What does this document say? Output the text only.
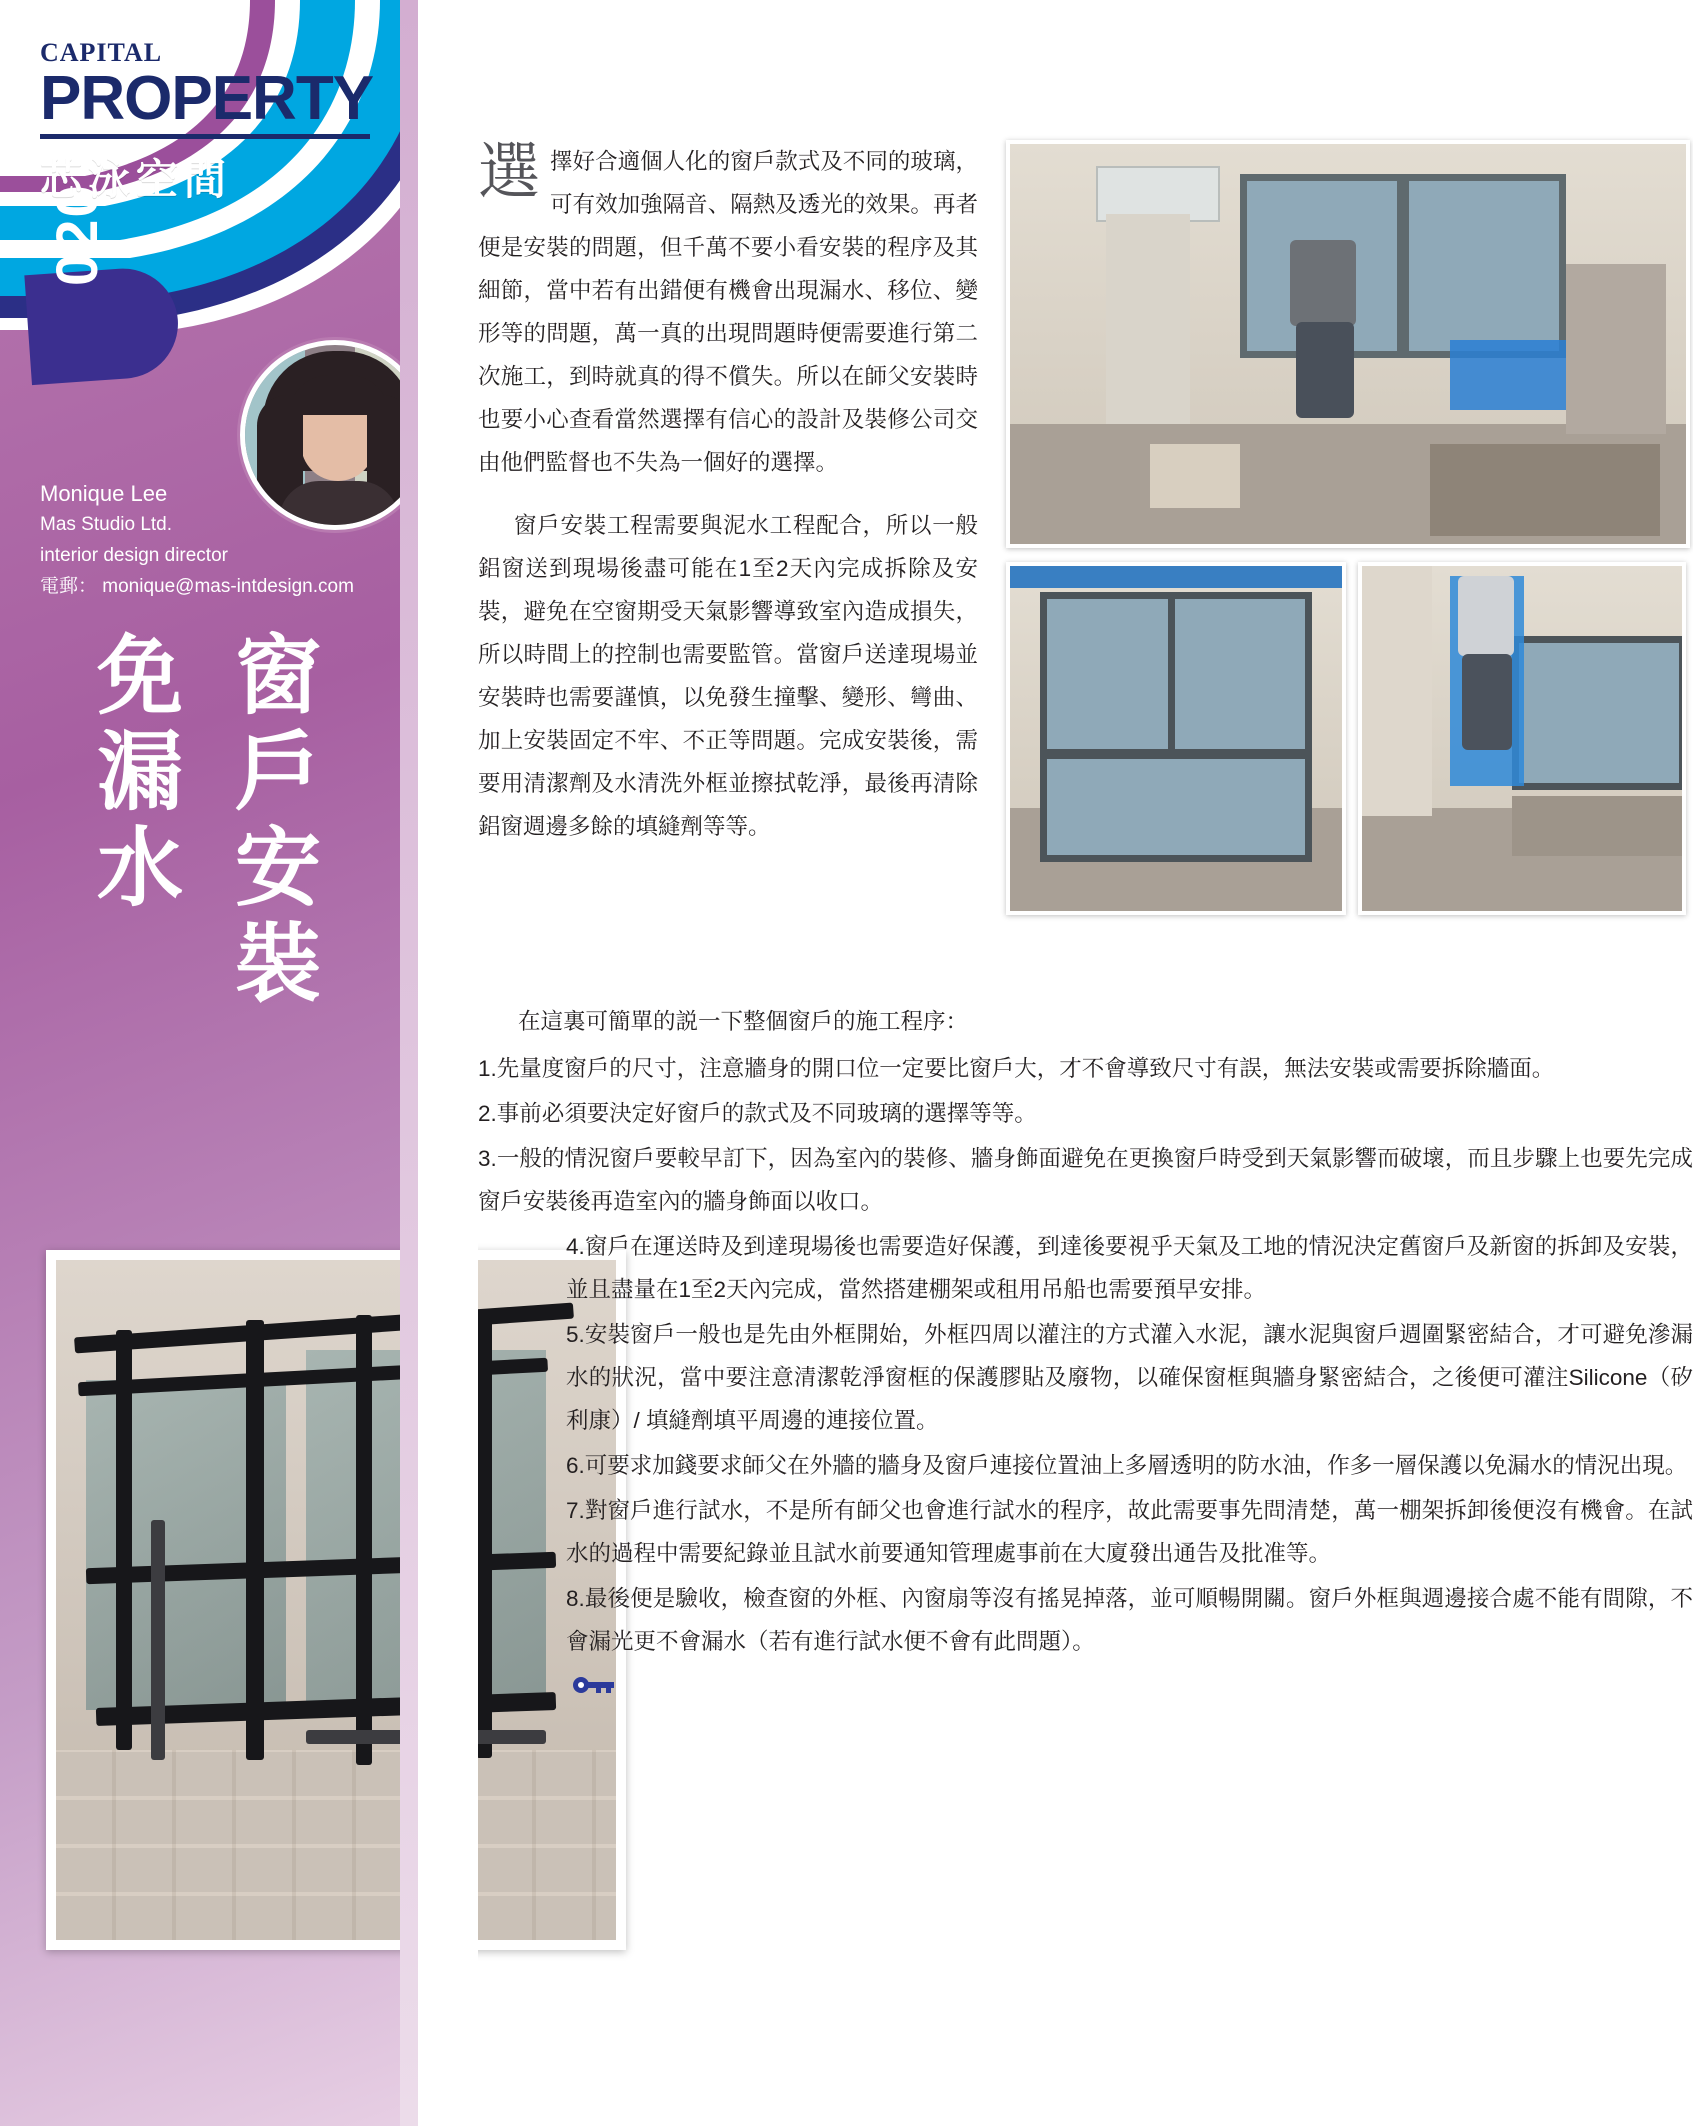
CAPITAL
PROPERTY
芯泳空間
020
Monique Lee
Mas Studio Ltd.
interior design director
電郵： monique@mas-intdesign.com
窗戶安裝
免漏水

選擇好合適個人化的窗戶款式及不同的玻璃，可有效加強隔音、隔熱及透光的效果。再者便是安裝的問題，但千萬不要小看安裝的程序及其細節，當中若有出錯便有機會出現漏水、移位、變形等的問題，萬一真的出現問題時便需要進行第二次施工，到時就真的得不償失。所以在師父安裝時也要小心查看當然選擇有信心的設計及裝修公司交由他們監督也不失為一個好的選擇。

窗戶安裝工程需要與泥水工程配合，所以一般鋁窗送到現場後盡可能在1至2天內完成拆除及安裝，避免在空窗期受天氣影響導致室內造成損失，所以時間上的控制也需要監管。當窗戶送達現場並安裝時也需要謹慎，以免發生撞擊、變形、彎曲、加上安裝固定不牢、不正等問題。完成安裝後，需要用清潔劑及水清洗外框並擦拭乾淨，最後再清除鋁窗週邊多餘的填縫劑等等。

在這裏可簡單的説一下整個窗戶的施工程序：

1.先量度窗戶的尺寸，注意牆身的開口位一定要比窗戶大，才不會導致尺寸有誤，無法安裝或需要拆除牆面。
2.事前必須要決定好窗戶的款式及不同玻璃的選擇等等。
3.一般的情況窗戶要較早訂下，因為室內的裝修、牆身飾面避免在更換窗戶時受到天氣影響而破壞，而且步驟上也要先完成窗戶安裝後再造室內的牆身飾面以收口。
4.窗戶在運送時及到達現場後也需要造好保護，到達後要視乎天氣及工地的情況決定舊窗戶及新窗的拆卸及安裝，並且盡量在1至2天內完成，當然搭建棚架或租用吊船也需要預早安排。
5.安裝窗戶一般也是先由外框開始，外框四周以灌注的方式灌入水泥，讓水泥與窗戶週圍緊密結合，才可避免滲漏水的狀況，當中要注意清潔乾淨窗框的保護膠貼及廢物，以確保窗框與牆身緊密結合，之後便可灌注Silicone（矽利康）/ 填縫劑填平周邊的連接位置。
6.可要求加錢要求師父在外牆的牆身及窗戶連接位置油上多層透明的防水油，作多一層保護以免漏水的情況出現。
7.對窗戶進行試水，不是所有師父也會進行試水的程序，故此需要事先問清楚，萬一棚架拆卸後便沒有機會。在試水的過程中需要紀錄並且試水前要通知管理處事前在大廈發出通告及批准等。
8.最後便是驗收，檢查窗的外框、內窗扇等沒有搖晃掉落，並可順暢開關。窗戶外框與週邊接合處不能有間隙，不會漏光更不會漏水（若有進行試水便不會有此問題）。
